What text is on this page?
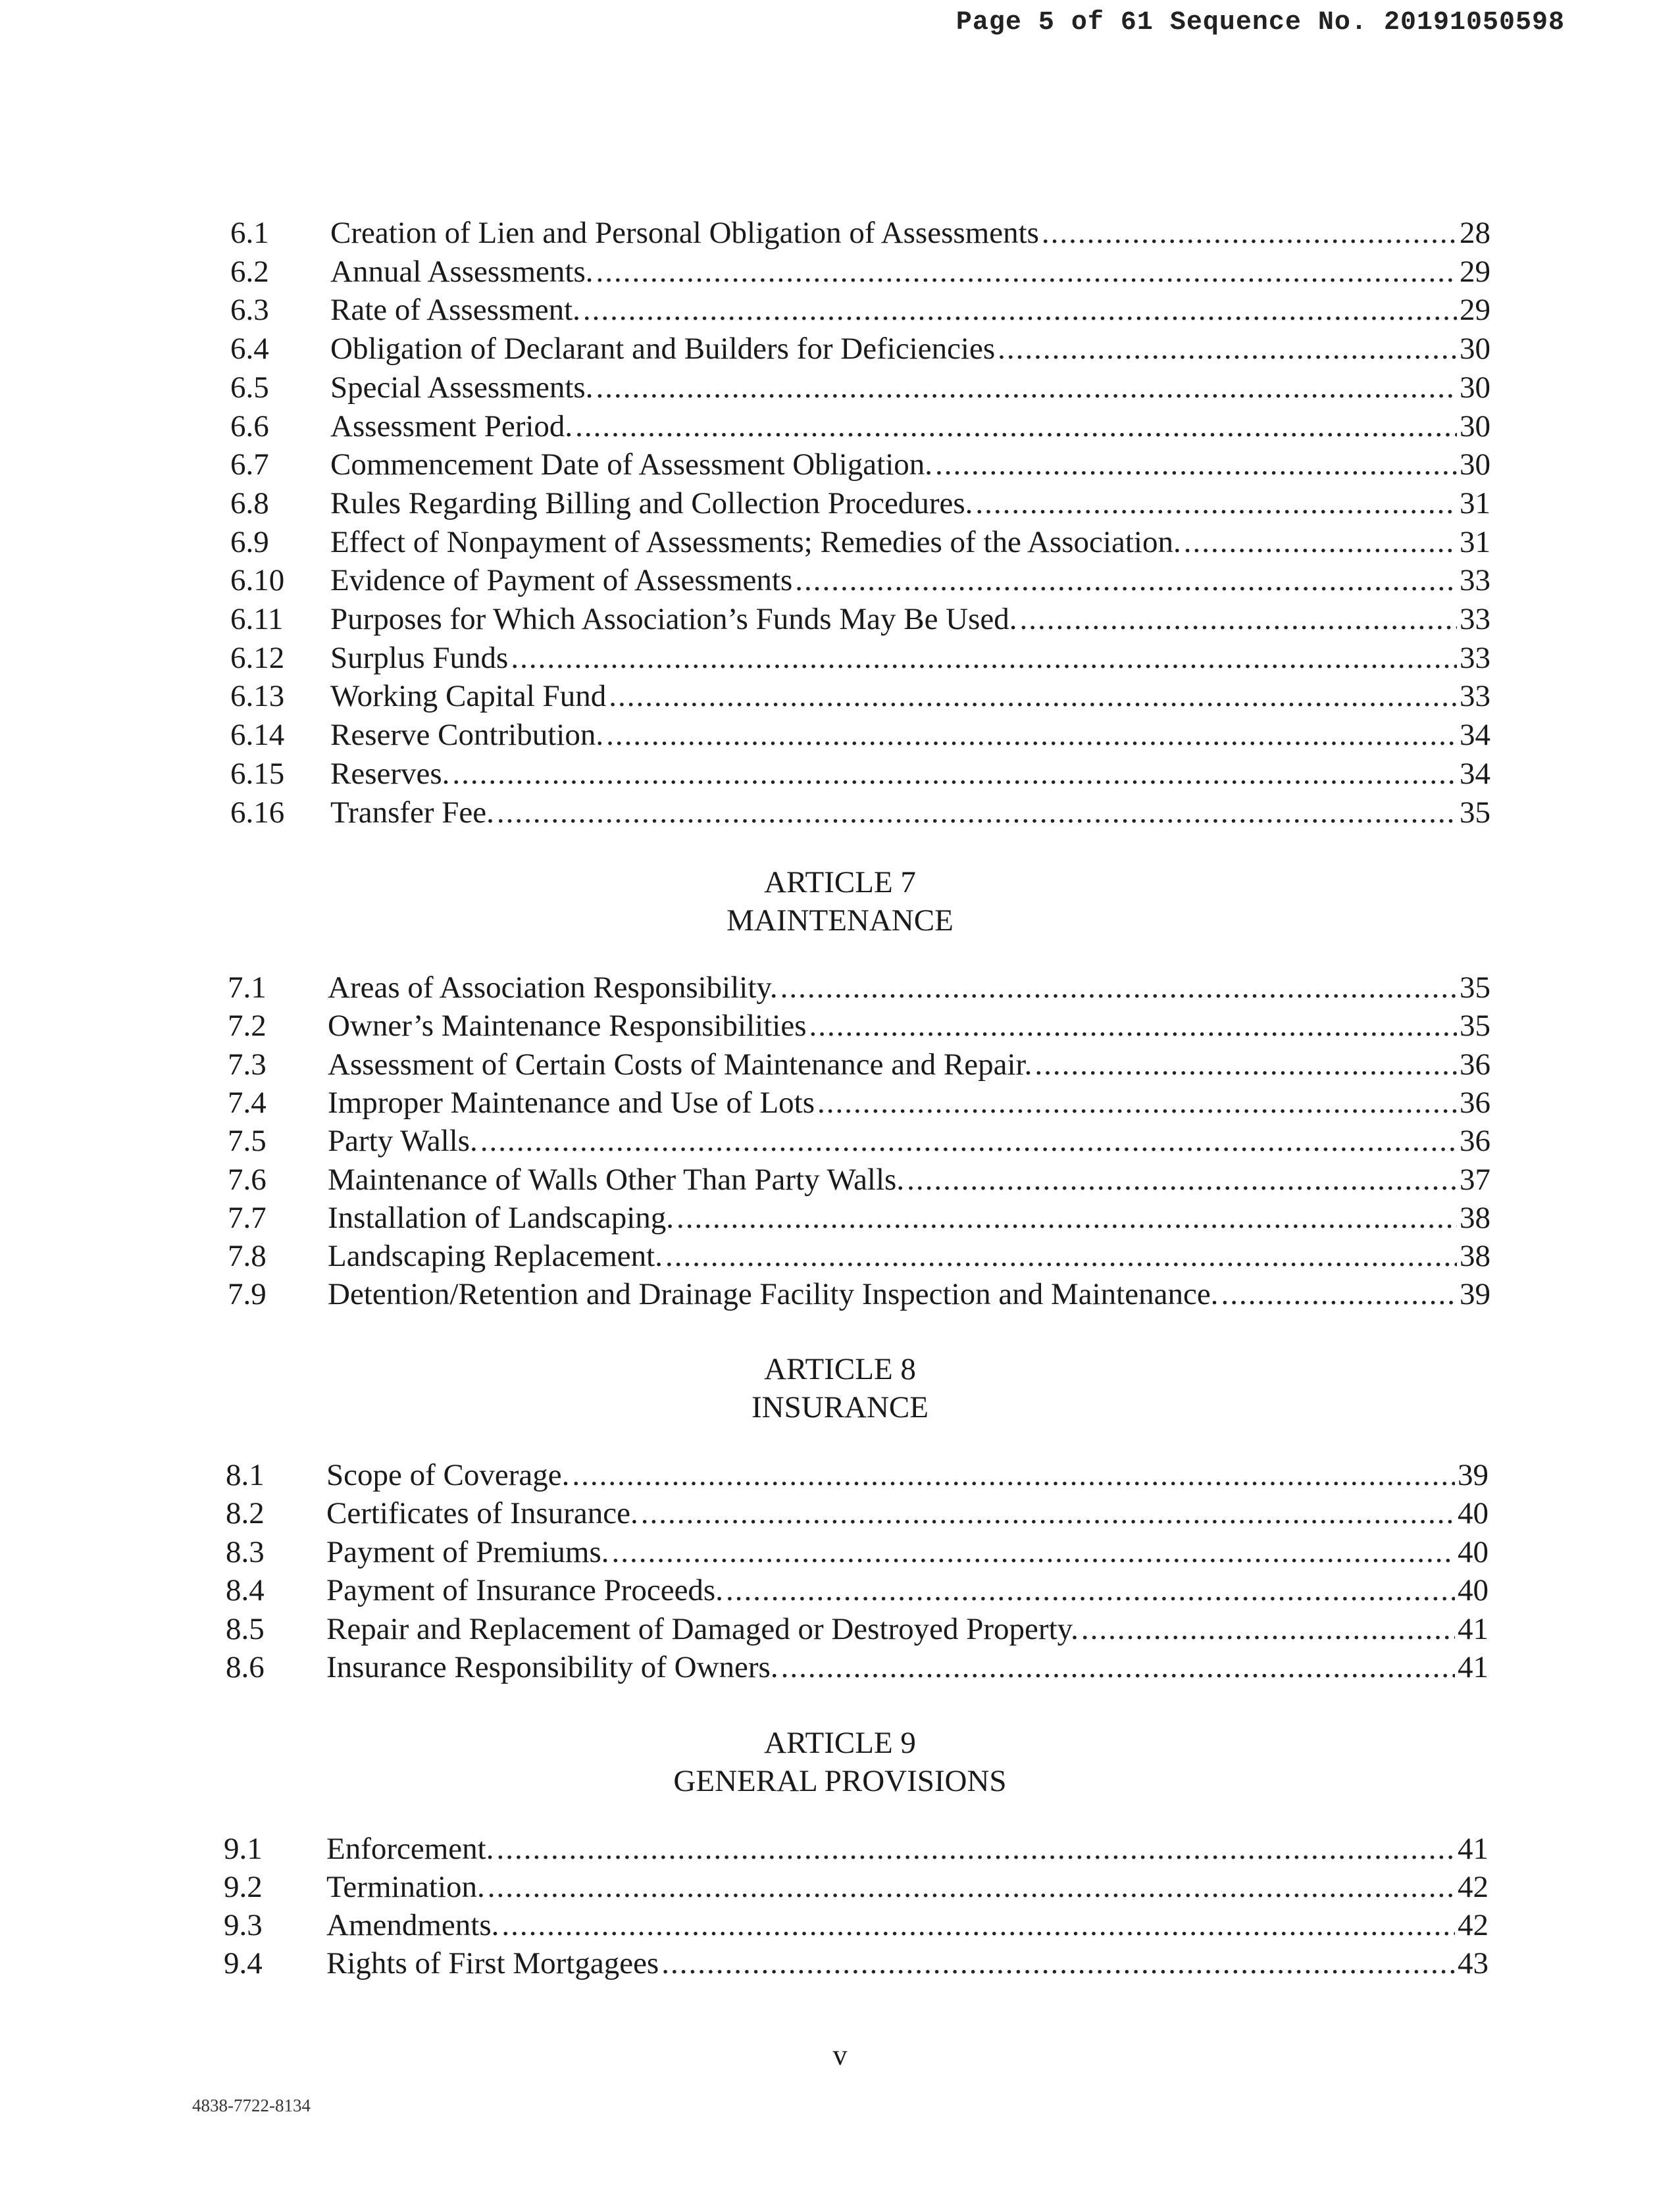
Page 5 of 61 Sequence No. 20191050598
6.1 Creation of Lien and Personal Obligation of Assessments .....	28
6.2 Annual Assessments. .....	29
6.3 Rate of Assessment. .....	29
6.4 Obligation of Declarant and Builders for Deficiencies .....	30
6.5 Special Assessments. .....	30
6.6 Assessment Period. .....	30
6.7 Commencement Date of Assessment Obligation. .....	30
6.8 Rules Regarding Billing and Collection Procedures. .....	31
6.9 Effect of Nonpayment of Assessments; Remedies of the Association. .....	31
6.10 Evidence of Payment of Assessments .....	33
6.11 Purposes for Which Association’s Funds May Be Used. .....	33
6.12 Surplus Funds .....	33
6.13 Working Capital Fund .....	33
6.14 Reserve Contribution. .....	34
6.15 Reserves. .....	34
6.16 Transfer Fee. .....	35
ARTICLE 7
MAINTENANCE
7.1 Areas of Association Responsibility. .....	35
7.2 Owner’s Maintenance Responsibilities .....	35
7.3 Assessment of Certain Costs of Maintenance and Repair. .....	36
7.4 Improper Maintenance and Use of Lots .....	36
7.5 Party Walls. .....	36
7.6 Maintenance of Walls Other Than Party Walls. .....	37
7.7 Installation of Landscaping. .....	38
7.8 Landscaping Replacement. .....	38
7.9 Detention/Retention and Drainage Facility Inspection and Maintenance. .....	39
ARTICLE 8
INSURANCE
8.1 Scope of Coverage. .....	39
8.2 Certificates of Insurance. .....	40
8.3 Payment of Premiums. .....	40
8.4 Payment of Insurance Proceeds. .....	40
8.5 Repair and Replacement of Damaged or Destroyed Property. .....	41
8.6 Insurance Responsibility of Owners. .....	41
ARTICLE 9
GENERAL PROVISIONS
9.1 Enforcement. .....	41
9.2 Termination. .....	42
9.3 Amendments. .....	42
9.4 Rights of First Mortgagees .....	43
v
4838-7722-8134
